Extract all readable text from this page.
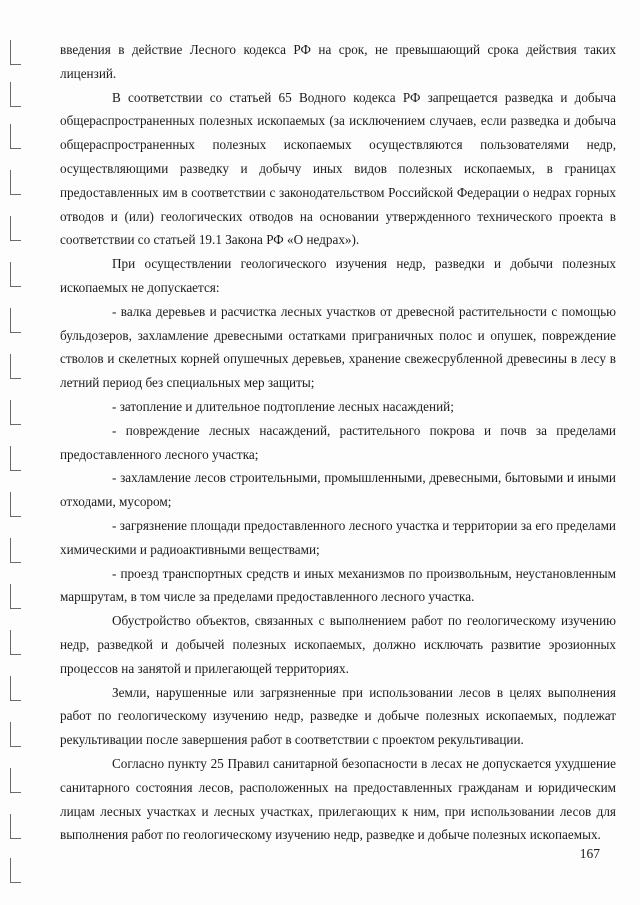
введения в действие Лесного кодекса РФ на срок, не превышающий срока действия таких лицензий.

В соответствии со статьей 65 Водного кодекса РФ запрещается разведка и добыча общераспространенных полезных ископаемых (за исключением случаев, если разведка и добыча общераспространенных полезных ископаемых осуществляются пользователями недр, осуществляющими разведку и добычу иных видов полезных ископаемых, в границах предоставленных им в соответствии с законодательством Российской Федерации о недрах горных отводов и (или) геологических отводов на основании утвержденного технического проекта в соответствии со статьей 19.1 Закона РФ «О недрах»).

При осуществлении геологического изучения недр, разведки и добычи полезных ископаемых не допускается:

- валка деревьев и расчистка лесных участков от древесной растительности с помощью бульдозеров, захламление древесными остатками приграничных полос и опушек, повреждение стволов и скелетных корней опушечных деревьев, хранение свежесрубленной древесины в лесу в летний период без специальных мер защиты;

- затопление и длительное подтопление лесных насаждений;

- повреждение лесных насаждений, растительного покрова и почв за пределами предоставленного лесного участка;

- захламление лесов строительными, промышленными, древесными, бытовыми и иными отходами, мусором;

- загрязнение площади предоставленного лесного участка и территории за его пределами химическими и радиоактивными веществами;

- проезд транспортных средств и иных механизмов по произвольным, неустановленным маршрутам, в том числе за пределами предоставленного лесного участка.

Обустройство объектов, связанных с выполнением работ по геологическому изучению недр, разведкой и добычей полезных ископаемых, должно исключать развитие эрозионных процессов на занятой и прилегающей территориях.

Земли, нарушенные или загрязненные при использовании лесов в целях выполнения работ по геологическому изучению недр, разведке и добыче полезных ископаемых, подлежат рекультивации после завершения работ в соответствии с проектом рекультивации.

Согласно пункту 25 Правил санитарной безопасности в лесах не допускается ухудшение санитарного состояния лесов, расположенных на предоставленных гражданам и юридическим лицам лесных участках и лесных участках, прилегающих к ним, при использовании лесов для выполнения работ по геологическому изучению недр, разведке и добыче полезных ископаемых.

167
